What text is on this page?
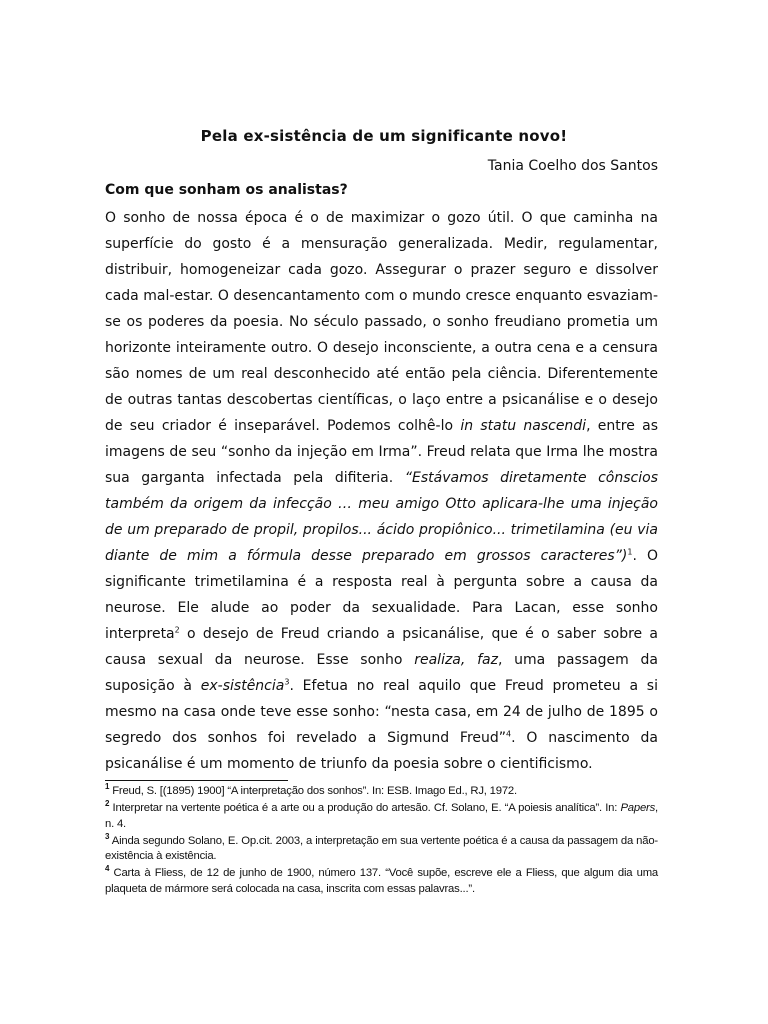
Pela ex-sistência de um significante novo!
Tania Coelho dos Santos
Com que sonham os analistas?

O sonho de nossa época é o de maximizar o gozo útil. O que caminha na superfície do gosto é a mensuração generalizada. Medir, regulamentar, distribuir, homogeneizar cada gozo. Assegurar o prazer seguro e dissolver cada mal-estar. O desencantamento com o mundo cresce enquanto esvaziam-se os poderes da poesia. No século passado, o sonho freudiano prometia um horizonte inteiramente outro. O desejo inconsciente, a outra cena e a censura são nomes de um real desconhecido até então pela ciência. Diferentemente de outras tantas descobertas científicas, o laço entre a psicanálise e o desejo de seu criador é inseparável. Podemos colhê-lo in statu nascendi, entre as imagens de seu “sonho da injeção em Irma”. Freud relata que Irma lhe mostra sua garganta infectada pela difiteria. “Estávamos diretamente cônscios também da origem da infecção … meu amigo Otto aplicara-lhe uma injeção de um preparado de propil, propilos... ácido propiônico... trimetilamina (eu via diante de mim a fórmula desse preparado em grossos caracteres”)$^1$. O significante trimetilamina é a resposta real à pergunta sobre a causa da neurose. Ele alude ao poder da sexualidade. Para Lacan, esse sonho interpreta$^2$ o desejo de Freud criando a psicanálise, que é o saber sobre a causa sexual da neurose. Esse sonho realiza, faz, uma passagem da suposição à ex-sistência$^3$. Efetua no real aquilo que Freud prometeu a si mesmo na casa onde teve esse sonho: “nesta casa, em 24 de julho de 1895 o segredo dos sonhos foi revelado a Sigmund Freud”$^4$. O nascimento da psicanálise é um momento de triunfo da poesia sobre o cientificismo.

$^1$ Freud, S. [(1895) 1900] “A interpretação dos sonhos”. In: ESB. Imago Ed., RJ, 1972.
$^2$ Interpretar na vertente poética é a arte ou a produção do artesão. Cf. Solano, E. “A poiesis analítica”. In: Papers, n. 4.
$^3$ Ainda segundo Solano, E. Op.cit. 2003, a interpretação em sua vertente poética é a causa da passagem da não-existência à existência.
$^4$ Carta à Fliess, de 12 de junho de 1900, número 137. “Você supõe, escreve ele a Fliess, que algum dia uma plaqueta de mármore será colocada na casa, inscrita com essas palavras...”.
